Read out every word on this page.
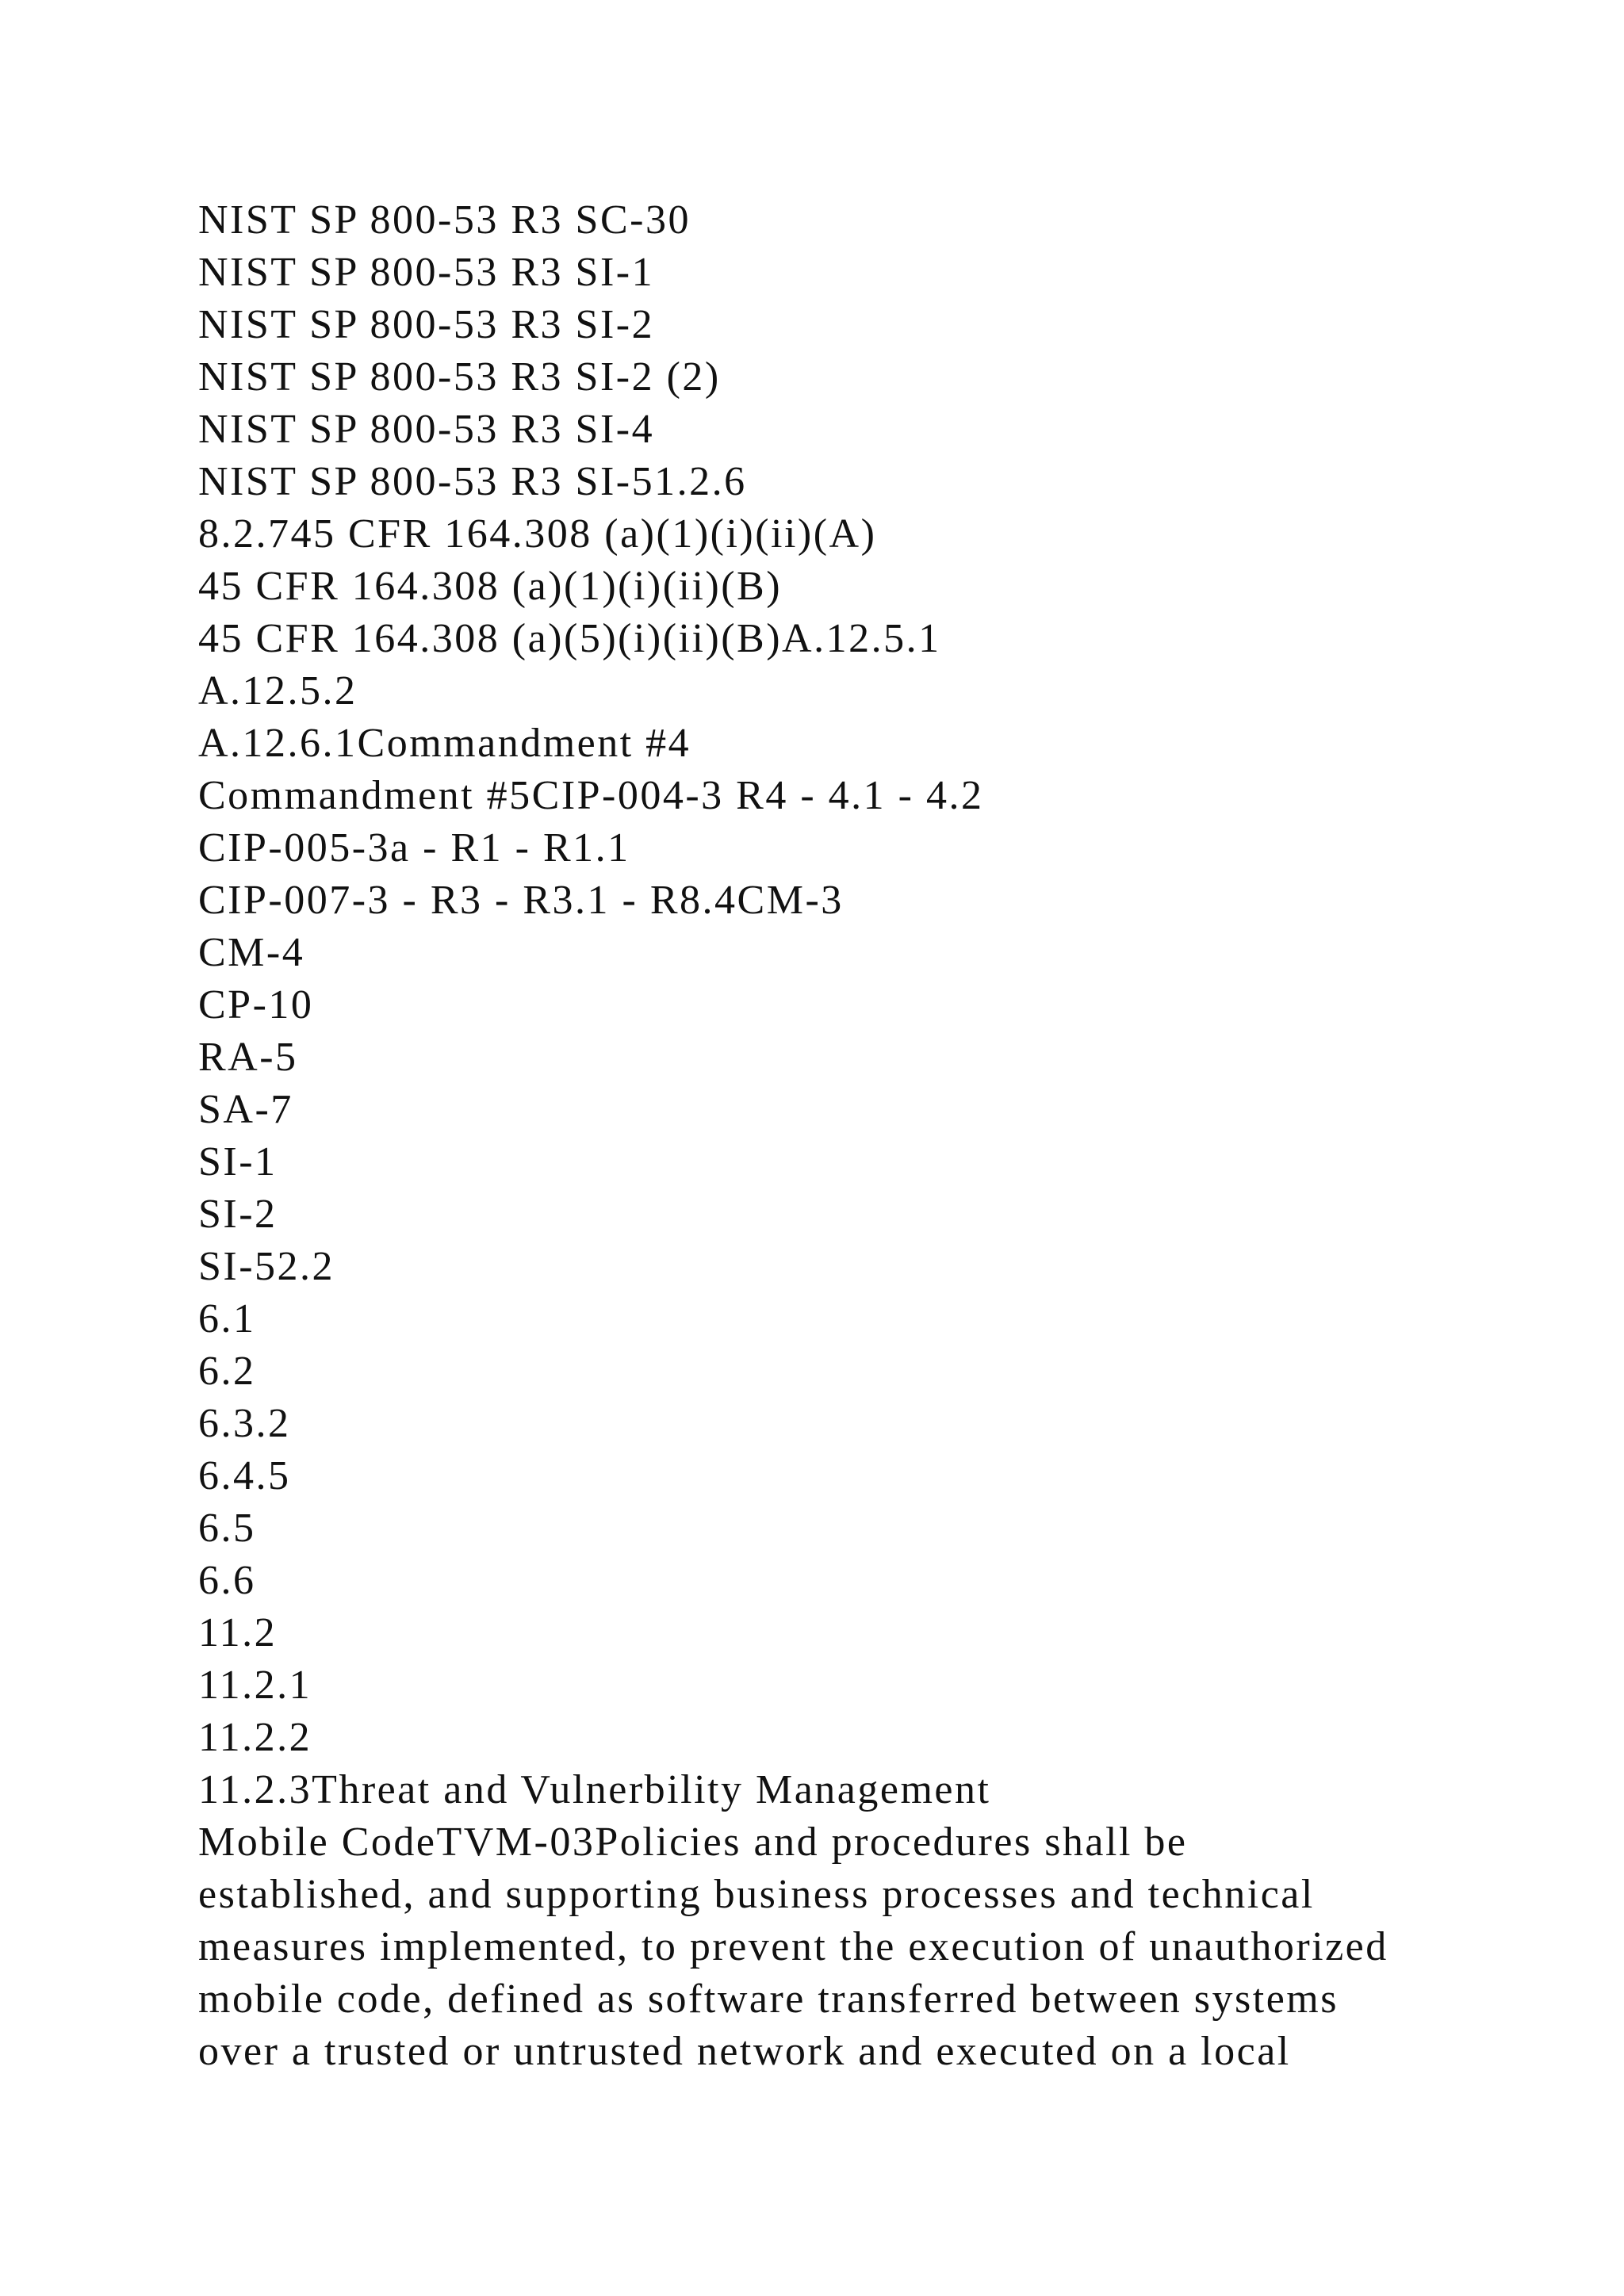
NIST SP 800-53 R3 SC-30
NIST SP 800-53 R3 SI-1
NIST SP 800-53 R3 SI-2
NIST SP 800-53 R3 SI-2 (2)
NIST SP 800-53 R3 SI-4
NIST SP 800-53 R3 SI-51.2.6
8.2.745 CFR 164.308 (a)(1)(i)(ii)(A)
45 CFR 164.308 (a)(1)(i)(ii)(B)
45 CFR 164.308 (a)(5)(i)(ii)(B)A.12.5.1
A.12.5.2
A.12.6.1Commandment #4
Commandment #5CIP-004-3 R4 - 4.1 - 4.2
CIP-005-3a - R1 - R1.1
CIP-007-3 - R3 - R3.1 - R8.4CM-3
CM-4
CP-10
RA-5
SA-7
SI-1
SI-2
SI-52.2
6.1
6.2
6.3.2
6.4.5
6.5
6.6
11.2
11.2.1
11.2.2
11.2.3Threat and Vulnerbility Management
Mobile CodeTVM-03Policies and procedures shall be
established, and supporting business processes and technical
measures implemented, to prevent the execution of unauthorized
mobile code, defined as software transferred between systems
over a trusted or untrusted network and executed on a local
